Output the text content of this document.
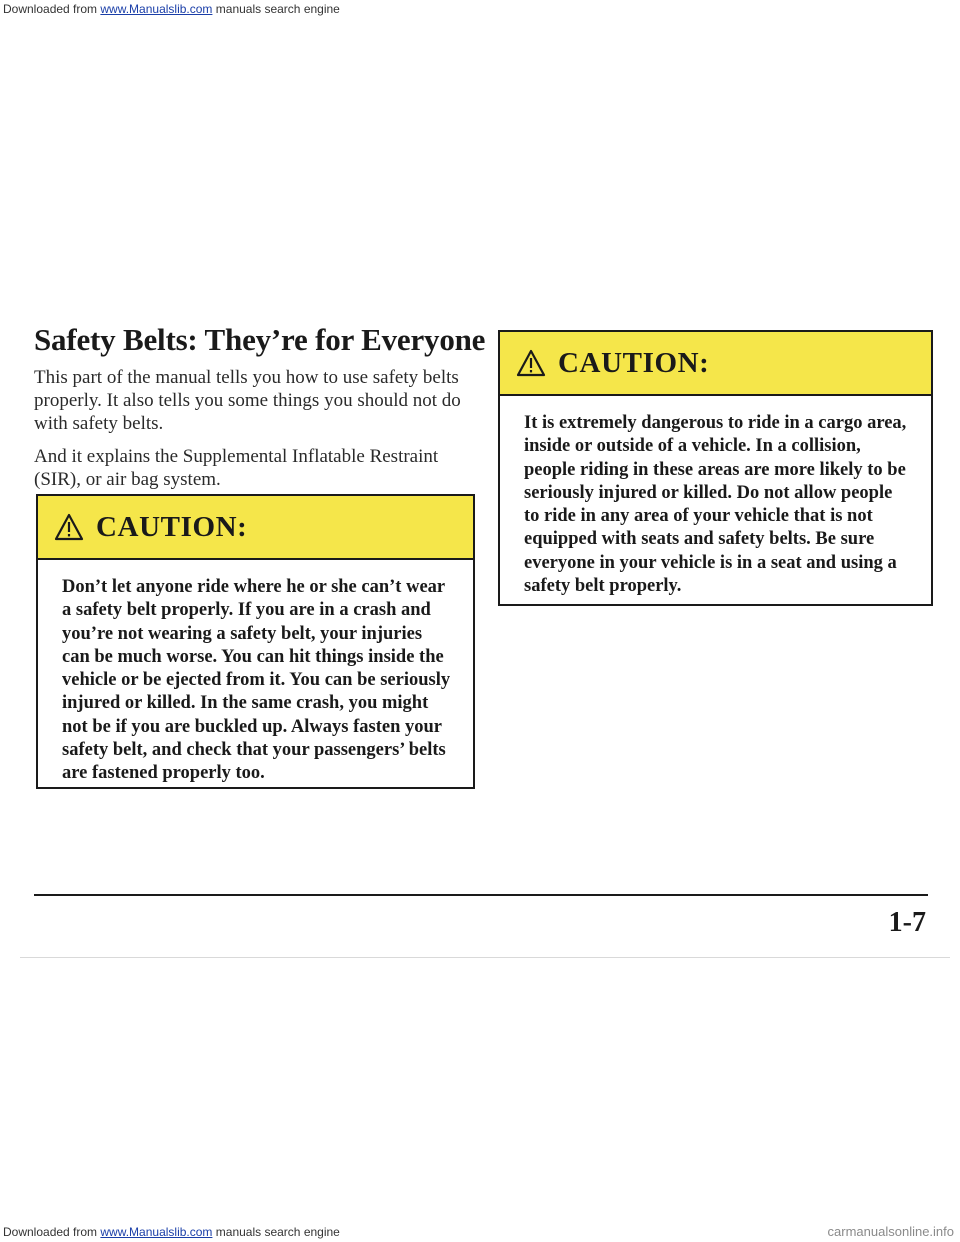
Downloaded from www.Manualslib.com manuals search engine
Safety Belts: They’re for Everyone

This part of the manual tells you how to use safety belts properly. It also tells you some things you should not do with safety belts.

And it explains the Supplemental Inflatable Restraint (SIR), or air bag system.

CAUTION:
Don’t let anyone ride where he or she can’t wear a safety belt properly. If you are in a crash and you’re not wearing a safety belt, your injuries can be much worse. You can hit things inside the vehicle or be ejected from it. You can be seriously injured or killed. In the same crash, you might not be if you are buckled up. Always fasten your safety belt, and check that your passengers’ belts are fastened properly too.
CAUTION:
It is extremely dangerous to ride in a cargo area, inside or outside of a vehicle. In a collision, people riding in these areas are more likely to be seriously injured or killed. Do not allow people to ride in any area of your vehicle that is not equipped with seats and safety belts. Be sure everyone in your vehicle is in a seat and using a safety belt properly.

1-7

Downloaded from www.Manualslib.com manuals search engine	carmanualsonline.info
